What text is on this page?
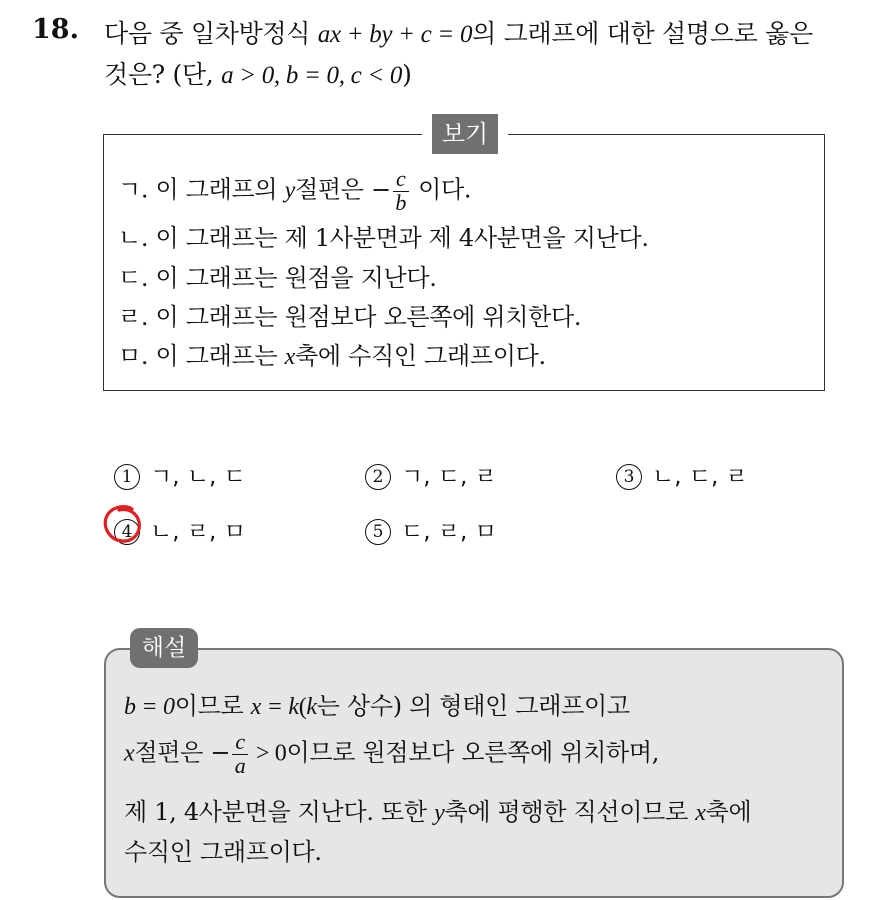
18. 다음 중 일차방정식 ax + by + c = 0의 그래프에 대한 설명으로 옳은
것은? (단, a > 0, b = 0, c < 0)
보기
ㄱ. 이 그래프의 y절편은 − $\frac{c}{b}$ 이다.
ㄴ. 이 그래프는 제 1사분면과 제 4사분면을 지난다.
ㄷ. 이 그래프는 원점을 지난다.
ㄹ. 이 그래프는 원점보다 오른쪽에 위치한다.
ㅁ. 이 그래프는 x축에 수직인 그래프이다.
1 ㄱ, ㄴ, ㄷ	2 ㄱ, ㄷ, ㄹ	3 ㄴ, ㄷ, ㄹ
4 ㄴ, ㄹ, ㅁ	5 ㄷ, ㄹ, ㅁ
해설
b = 0이므로 x = k(k는 상수) 의 형태인 그래프이고
x절편은 − $\frac{c}{a} > 0$이므로 원점보다 오른쪽에 위치하며,
제 1, 4사분면을 지난다. 또한 y축에 평행한 직선이므로 x축에
수직인 그래프이다.
